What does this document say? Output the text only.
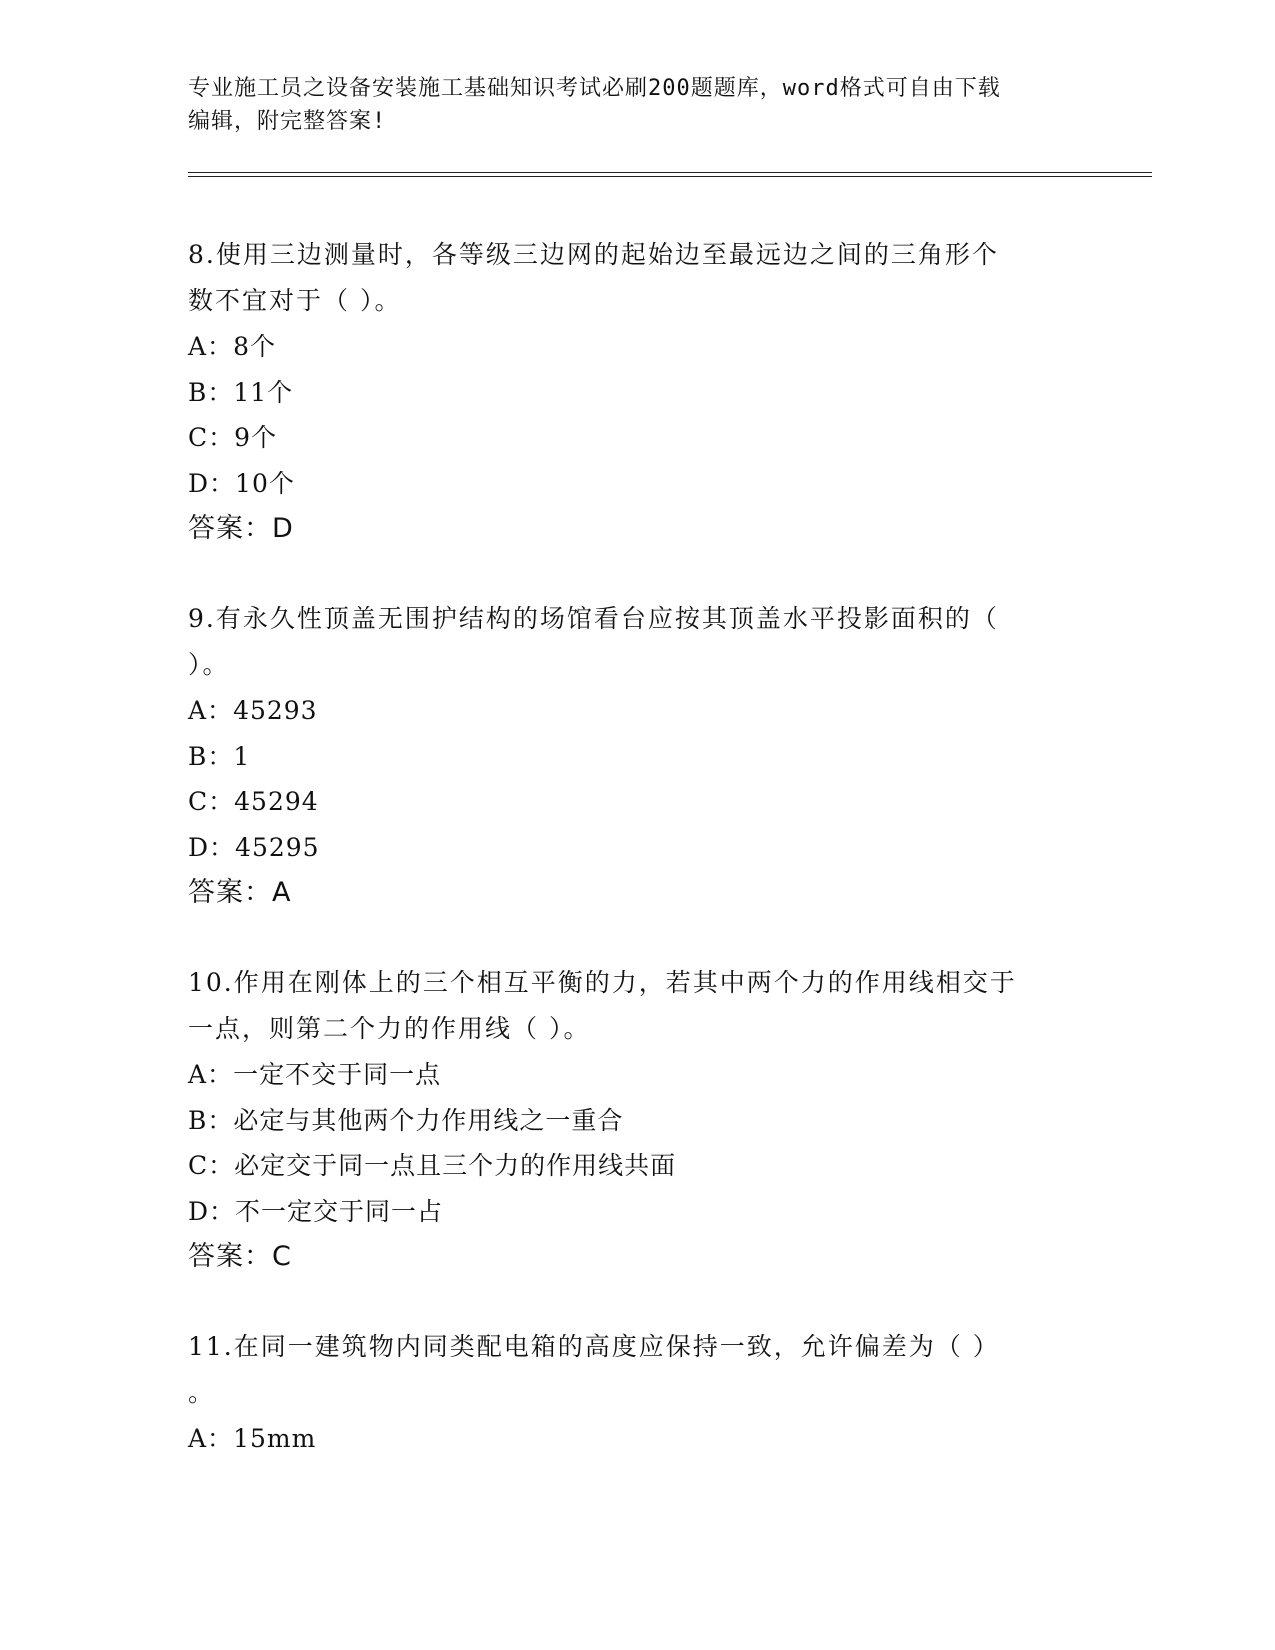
专业施工员之设备安装施工基础知识考试必刷200题题库，word格式可自由下载
编辑，附完整答案!
8.使用三边测量时，各等级三边网的起始边至最远边之间的三角形个
数不宜对于（ ）。
A：8个
B：11个
C：9个
D：10个
答案：D
9.有永久性顶盖无围护结构的场馆看台应按其顶盖水平投影面积的（
）。
A：45293
B：1
C：45294
D：45295
答案：A
10.作用在刚体上的三个相互平衡的力，若其中两个力的作用线相交于
一点，则第二个力的作用线（ ）。
A：一定不交于同一点
B：必定与其他两个力作用线之一重合
C：必定交于同一点且三个力的作用线共面
D：不一定交于同一占
答案：C
11.在同一建筑物内同类配电箱的高度应保持一致，允许偏差为（ ）
。
A：15mm
